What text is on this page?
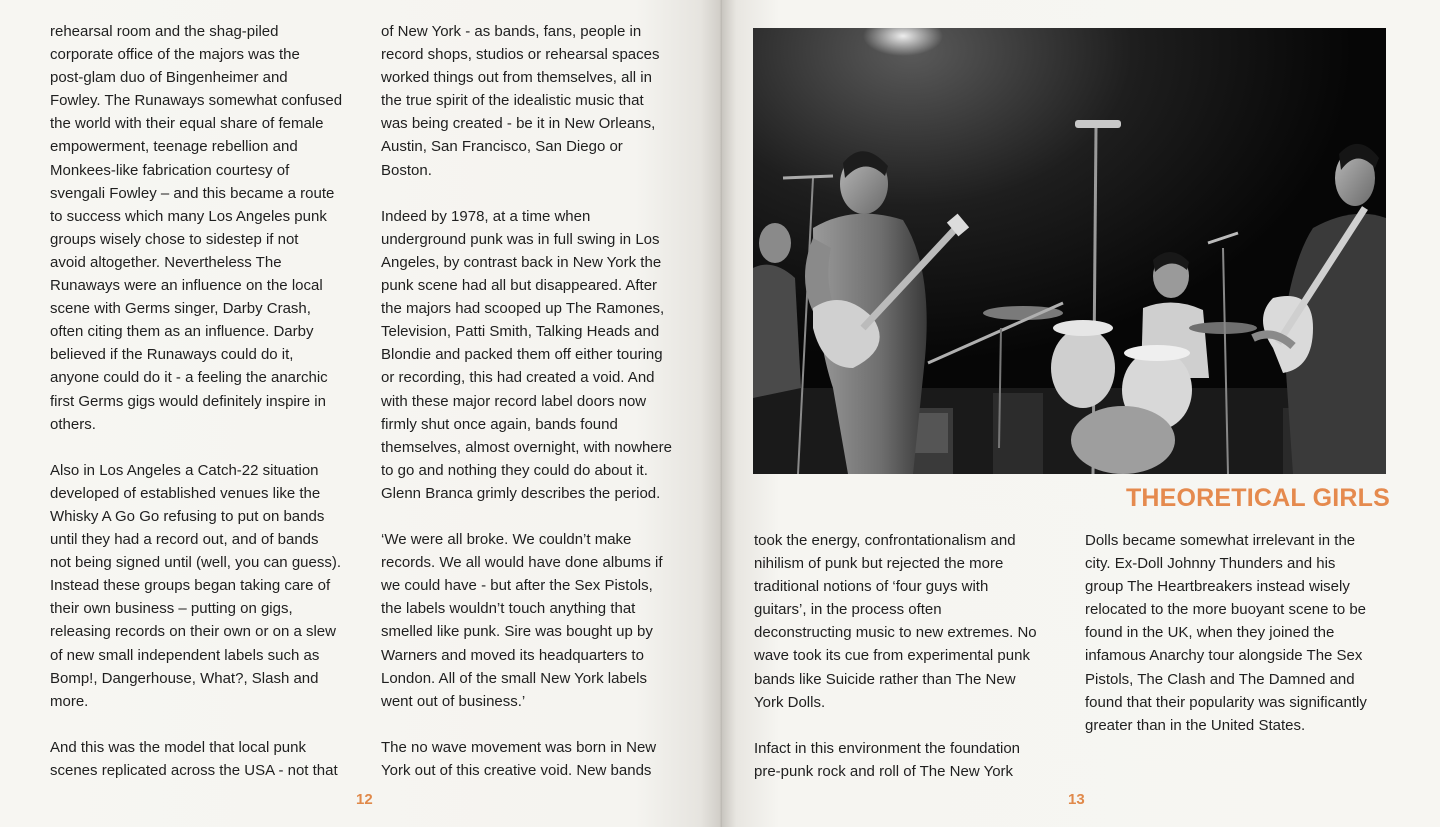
rehearsal room and the shag-piled
corporate office of the majors was the
post-glam duo of Bingenheimer and
Fowley. The Runaways somewhat confused
the world with their equal share of female
empowerment, teenage rebellion and
Monkees-like fabrication courtesy of
svengali Fowley – and this became a route
to success which many Los Angeles punk
groups wisely chose to sidestep if not
avoid altogether. Nevertheless The
Runaways were an influence on the local
scene with Germs singer, Darby Crash,
often citing them as an influence. Darby
believed if the Runaways could do it,
anyone could do it - a feeling the anarchic
first Germs gigs would definitely inspire in
others.

Also in Los Angeles a Catch-22 situation
developed of established venues like the
Whisky A Go Go refusing to put on bands
until they had a record out, and of bands
not being signed until (well, you can guess).
Instead these groups began taking care of
their own business – putting on gigs,
releasing records on their own or on a slew
of new small independent labels such as
Bomp!, Dangerhouse, What?, Slash and
more.

And this was the model that local punk
scenes replicated across the USA - not that

of New York - as bands, fans, people in
record shops, studios or rehearsal spaces
worked things out from themselves, all in
the true spirit of the idealistic music that
was being created - be it in New Orleans,
Austin, San Francisco, San Diego or
Boston.

Indeed by 1978, at a time when
underground punk was in full swing in Los
Angeles, by contrast back in New York the
punk scene had all but disappeared. After
the majors had scooped up The Ramones,
Television, Patti Smith, Talking Heads and
Blondie and packed them off either touring
or recording, this had created a void. And
with these major record label doors now
firmly shut once again, bands found
themselves, almost overnight, with nowhere
to go and nothing they could do about it.
Glenn Branca grimly describes the period.

‘We were all broke. We couldn’t make
records. We all would have done albums if
we could have - but after the Sex Pistols,
the labels wouldn’t touch anything that
smelled like punk. Sire was bought up by
Warners and moved its headquarters to
London. All of the small New York labels
went out of business.’

The no wave movement was born in New
York out of this creative void. New bands

12
THEORETICAL GIRLS

took the energy, confrontationalism and
nihilism of punk but rejected the more
traditional notions of ‘four guys with
guitars’, in the process often
deconstructing music to new extremes. No
wave took its cue from experimental punk
bands like Suicide rather than The New
York Dolls.

Infact in this environment the foundation
pre-punk rock and roll of The New York

Dolls became somewhat irrelevant in the
city. Ex-Doll Johnny Thunders and his
group The Heartbreakers instead wisely
relocated to the more buoyant scene to be
found in the UK, when they joined the
infamous Anarchy tour alongside The Sex
Pistols, The Clash and The Damned and
found that their popularity was significantly
greater than in the United States.

13
